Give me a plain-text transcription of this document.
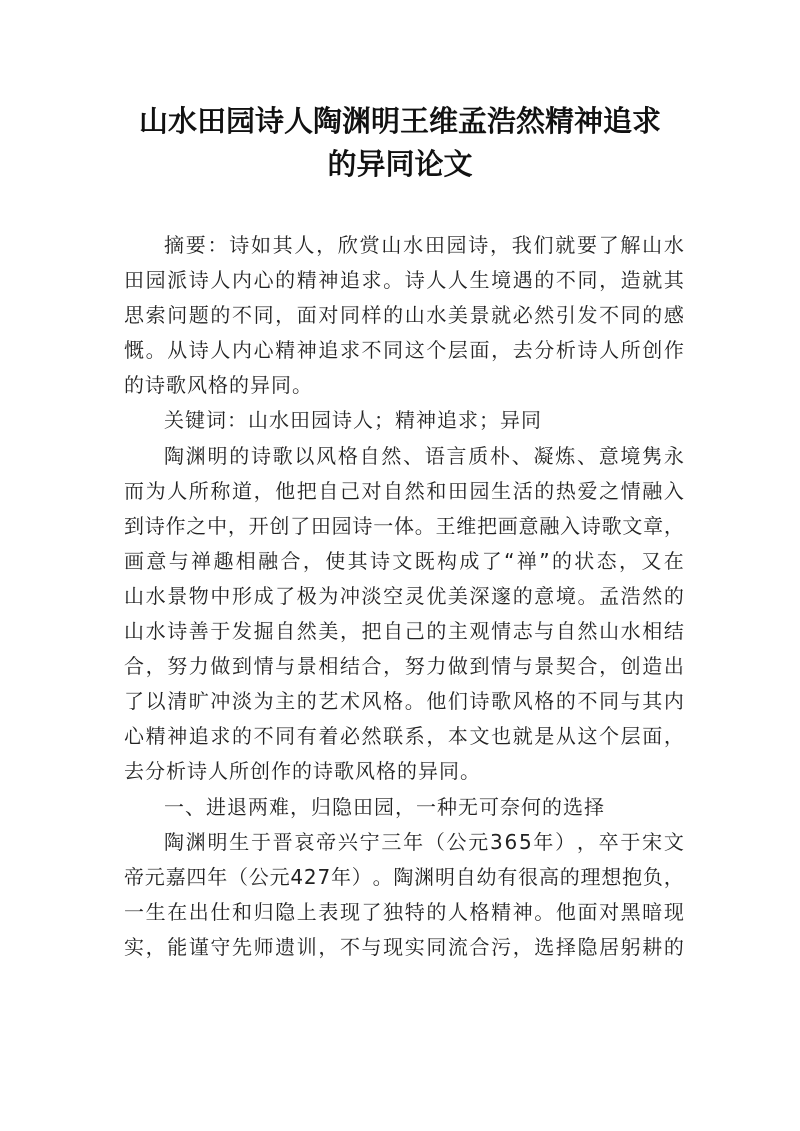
山水田园诗人陶渊明王维孟浩然精神追求
的异同论文
摘 要 ： 诗 如 其 人 ， 欣 赏 山 水 田 园 诗 ， 我 们 就 要 了 解 山 水
田 园 派 诗 人 内 心 的 精 神 追 求 。 诗 人 人 生 境 遇 的 不 同 ， 造 就 其
思 索 问 题 的 不 同 ， 面 对 同 样 的 山 水 美 景 就 必 然 引 发 不 同 的 感
慨 。 从 诗 人 内 心 精 神 追 求 不 同 这 个 层 面 ， 去 分 析 诗 人 所 创 作
的 诗 歌 风 格 的 异 同 。
关 键 词 ： 山 水 田 园 诗 人 ； 精 神 追 求 ； 异 同
陶 渊 明 的 诗 歌 以 风 格 自 然 、 语 言 质 朴 、 凝 炼 、 意 境 隽 永
而 为 人 所 称 道 ， 他 把 自 己 对 自 然 和 田 园 生 活 的 热 爱 之 情 融 入
到 诗 作 之 中 ， 开 创 了 田 园 诗 一 体 。 王 维 把 画 意 融 入 诗 歌 文 章 ，
画 意 与 禅 趣 相 融 合 ， 使 其 诗 文 既 构 成 了 “ 禅 ” 的 状 态 ， 又 在
山 水 景 物 中 形 成 了 极 为 冲 淡 空 灵 优 美 深 邃 的 意 境 。 孟 浩 然 的
山 水 诗 善 于 发 掘 自 然 美 ， 把 自 己 的 主 观 情 志 与 自 然 山 水 相 结
合 ， 努 力 做 到 情 与 景 相 结 合 ， 努 力 做 到 情 与 景 契 合 ， 创 造 出
了 以 清 旷 冲 淡 为 主 的 艺 术 风 格 。 他 们 诗 歌 风 格 的 不 同 与 其 内
心 精 神 追 求 的 不 同 有 着 必 然 联 系 ， 本 文 也 就 是 从 这 个 层 面 ，
去 分 析 诗 人 所 创 作 的 诗 歌 风 格 的 异 同 。
一 、 进 退 两 难 ， 归 隐 田 园 ， 一 种 无 可 奈 何 的 选 择
陶 渊 明 生 于 晋 哀 帝 兴 宁 三 年 （ 公 元 3 6 5 年 ） ， 卒 于 宋 文
帝 元 嘉 四 年 （ 公 元 4 2 7 年 ） 。 陶 渊 明 自 幼 有 很 高 的 理 想 抱 负 ，
一 生 在 出 仕 和 归 隐 上 表 现 了 独 特 的 人 格 精 神 。 他 面 对 黑 暗 现
实 ， 能 谨 守 先 师 遗 训 ， 不 与 现 实 同 流 合 污 ， 选 择 隐 居 躬 耕 的
